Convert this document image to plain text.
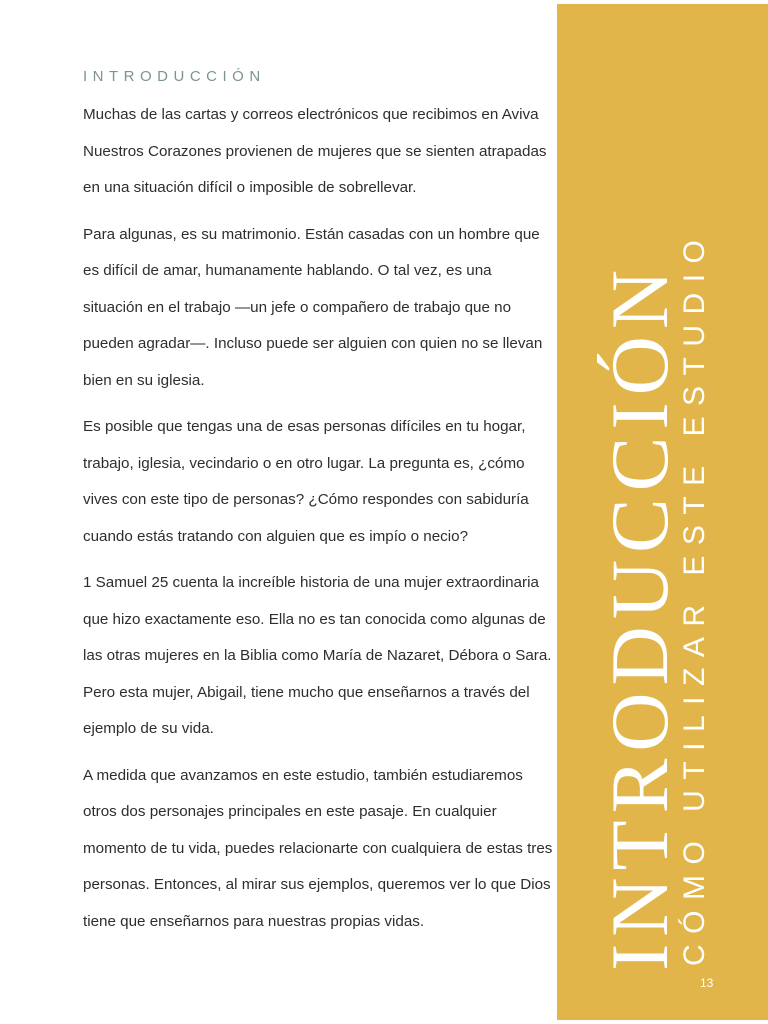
INTRODUCCIÓN

Muchas de las cartas y correos electrónicos que recibimos en Aviva Nuestros Corazones provienen de mujeres que se sienten atrapadas en una situación difícil o imposible de sobrellevar.

Para algunas, es su matrimonio. Están casadas con un hombre que es difícil de amar, humanamente hablando. O tal vez, es una situación en el trabajo —un jefe o compañero de trabajo que no pueden agradar—. Incluso puede ser alguien con quien no se llevan bien en su iglesia.

Es posible que tengas una de esas personas difíciles en tu hogar, trabajo, iglesia, vecindario o en otro lugar. La pregunta es, ¿cómo vives con este tipo de personas? ¿Cómo respondes con sabiduría cuando estás tratando con alguien que es impío o necio?

1 Samuel 25 cuenta la increíble historia de una mujer extraordinaria que hizo exactamente eso. Ella no es tan conocida como algunas de las otras mujeres en la Biblia como María de Nazaret, Débora o Sara. Pero esta mujer, Abigail, tiene mucho que enseñarnos a través del ejemplo de su vida.

A medida que avanzamos en este estudio, también estudiaremos otros dos personajes principales en este pasaje. En cualquier momento de tu vida, puedes relacionarte con cualquiera de estas tres personas. Entonces, al mirar sus ejemplos, queremos ver lo que Dios tiene que enseñarnos para nuestras propias vidas.	INTRODUCCIÓN
CÓMO UTILIZAR ESTE ESTUDIO
13
